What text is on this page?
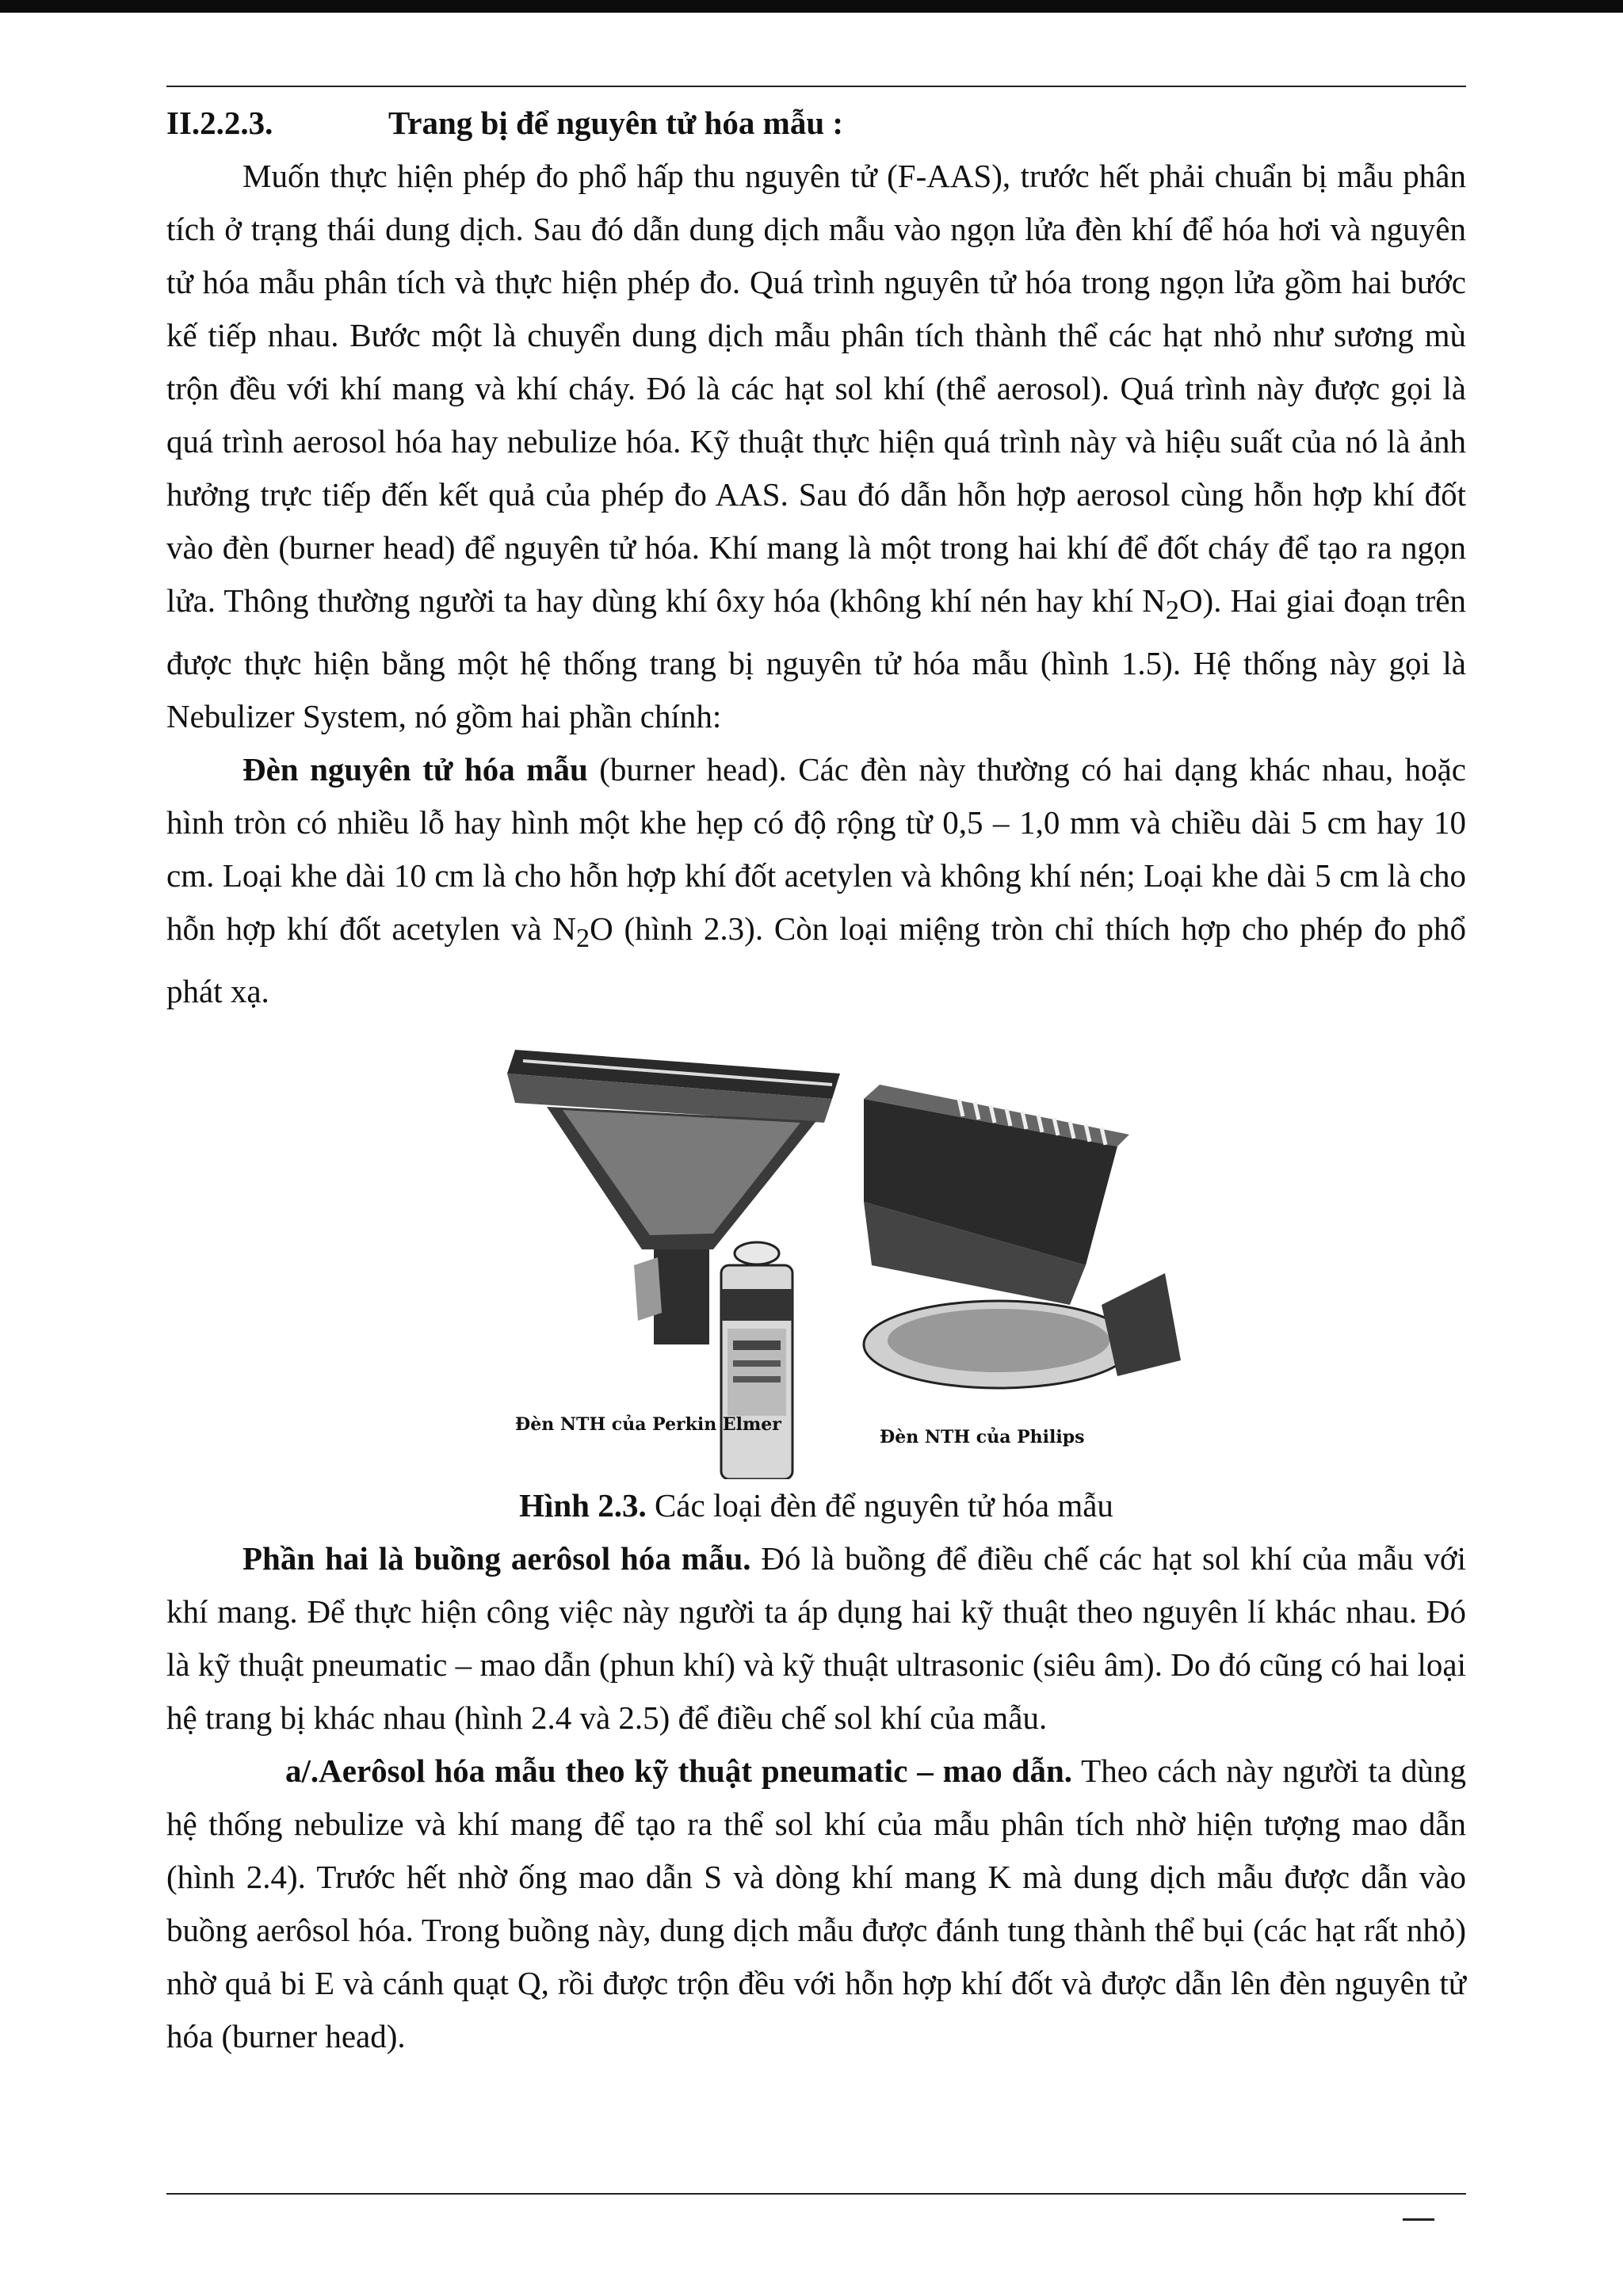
II.2.2.3.	Trang bị để nguyên tử hóa mẫu :

Muốn thực hiện phép đo phổ hấp thu nguyên tử (F-AAS), trước hết phải chuẩn bị mẫu phân tích ở trạng thái dung dịch. Sau đó dẫn dung dịch mẫu vào ngọn lửa đèn khí để hóa hơi và nguyên tử hóa mẫu phân tích và thực hiện phép đo. Quá trình nguyên tử hóa trong ngọn lửa gồm hai bước kế tiếp nhau. Bước một là chuyển dung dịch mẫu phân tích thành thể các hạt nhỏ như sương mù trộn đều với khí mang và khí cháy. Đó là các hạt sol khí (thể aerosol). Quá trình này được gọi là quá trình aerosol hóa hay nebulize hóa. Kỹ thuật thực hiện quá trình này và hiệu suất của nó là ảnh hưởng trực tiếp đến kết quả của phép đo AAS. Sau đó dẫn hỗn hợp aerosol cùng hỗn hợp khí đốt vào đèn (burner head) để nguyên tử hóa. Khí mang là một trong hai khí để đốt cháy để tạo ra ngọn lửa. Thông thường người ta hay dùng khí ôxy hóa (không khí nén hay khí $N_2O$). Hai giai đoạn trên được thực hiện bằng một hệ thống trang bị nguyên tử hóa mẫu (hình 1.5). Hệ thống này gọi là Nebulizer System, nó gồm hai phần chính:

Đèn nguyên tử hóa mẫu (burner head). Các đèn này thường có hai dạng khác nhau, hoặc hình tròn có nhiều lỗ hay hình một khe hẹp có độ rộng từ 0,5 – 1,0 mm và chiều dài 5 cm hay 10 cm. Loại khe dài 10 cm là cho hỗn hợp khí đốt acetylen và không khí nén; Loại khe dài 5 cm là cho hỗn hợp khí đốt acetylen và $N_2O$ (hình 2.3). Còn loại miệng tròn chỉ thích hợp cho phép đo phổ phát xạ.

Đèn NTH của Perkin Elmer
Đèn NTH của Philips

Hình 2.3. Các loại đèn để nguyên tử hóa mẫu

Phần hai là buồng aerôsol hóa mẫu. Đó là buồng để điều chế các hạt sol khí của mẫu với khí mang. Để thực hiện công việc này người ta áp dụng hai kỹ thuật theo nguyên lí khác nhau. Đó là kỹ thuật pneumatic – mao dẫn (phun khí) và kỹ thuật ultrasonic (siêu âm). Do đó cũng có hai loại hệ trang bị khác nhau (hình 2.4 và 2.5) để điều chế sol khí của mẫu.

a/.Aerôsol hóa mẫu theo kỹ thuật pneumatic – mao dẫn. Theo cách này người ta dùng hệ thống nebulize và khí mang để tạo ra thể sol khí của mẫu phân tích nhờ hiện tượng mao dẫn (hình 2.4). Trước hết nhờ ống mao dẫn S và dòng khí mang K mà dung dịch mẫu được dẫn vào buồng aerôsol hóa. Trong buồng này, dung dịch mẫu được đánh tung thành thể bụi (các hạt rất nhỏ) nhờ quả bi E và cánh quạt Q, rồi được trộn đều với hỗn hợp khí đốt và được dẫn lên đèn nguyên tử hóa (burner head).
